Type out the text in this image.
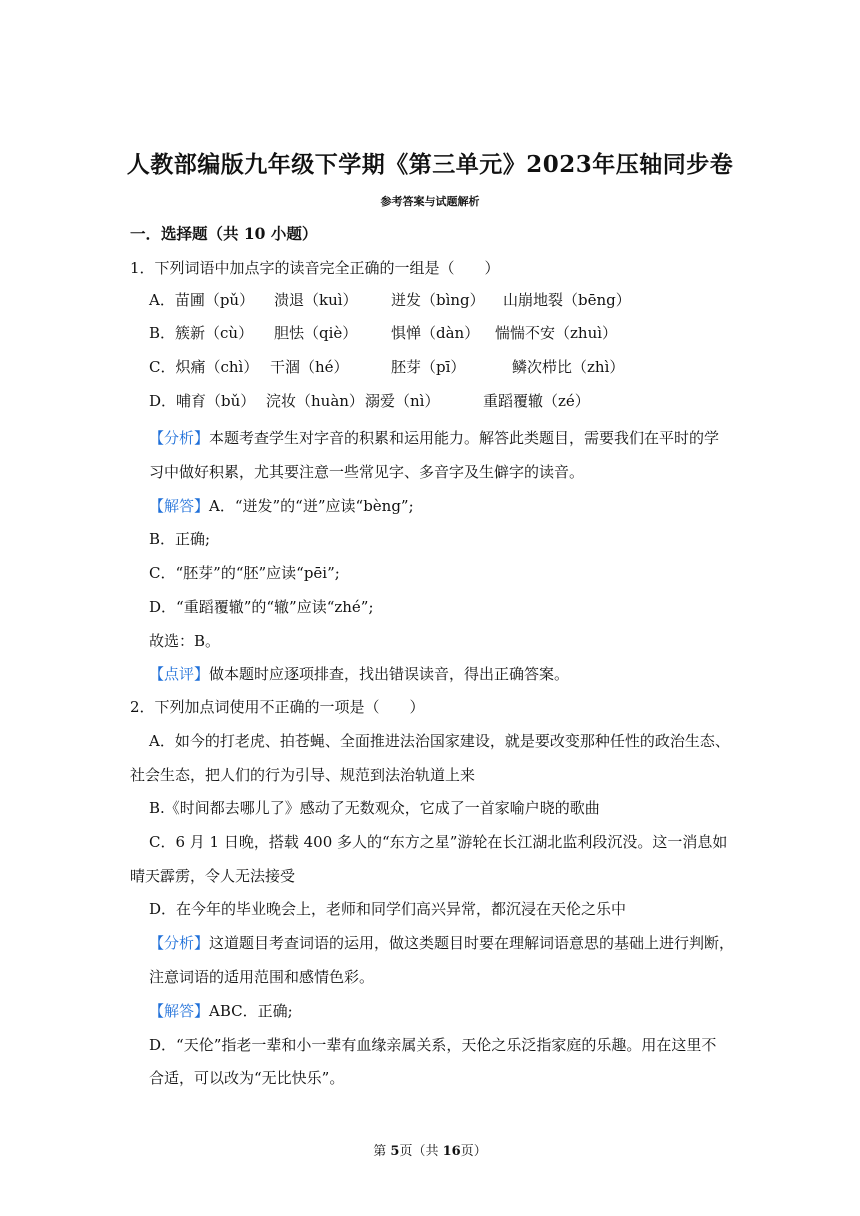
人教部编版九年级下学期《第三单元》2023年压轴同步卷
参考答案与试题解析
一．选择题（共 10 小题）
1．下列词语中加点字的读音完全正确的一组是（　　）
A．苗圃（pǔ） 溃退（kuì） 迸发（bìng） 山崩地裂（bēng）
B．簇新（cù） 胆怯（qiè） 惧惮（dàn） 惴惴不安（zhuì）
C．炽痛（chì） 干涸（hé）	胚芽（pī）	鳞次栉比（zhì）
D．哺育（bǔ） 浣妆（huàn） 溺爱（nì）	重蹈覆辙（zé）
【分析】本题考查学生对字音的积累和运用能力。解答此类题目，需要我们在平时的学
习中做好积累，尤其要注意一些常见字、多音字及生僻字的读音。
【解答】A．“迸发”的“迸”应读“bèng”;
B．正确;
C．“胚芽”的“胚”应读“pēi”;
D．“重蹈覆辙”的“辙”应读“zhé”;
故选：B。
【点评】做本题时应逐项排查，找出错误读音，得出正确答案。
2．下列加点词使用不正确的一项是（　　）
A．如今的打老虎、拍苍蝇、全面推进法治国家建设，就是要改变那种任性的政治生态、
社会生态，把人们的行为引导、规范到法治轨道上来
B.《时间都去哪儿了》感动了无数观众，它成了一首家喻户晓的歌曲
C．6 月 1 日晚，搭载 400 多人的“东方之星”游轮在长江湖北监利段沉没。这一消息如
晴天霹雳，令人无法接受
D．在今年的毕业晚会上，老师和同学们高兴异常，都沉浸在天伦之乐中
【分析】这道题目考查词语的运用，做这类题目时要在理解词语意思的基础上进行判断，
注意词语的适用范围和感情色彩。
【解答】ABC．正确;
D．“天伦”指老一辈和小一辈有血缘亲属关系，天伦之乐泛指家庭的乐趣。用在这里不
合适，可以改为“无比快乐”。
第 5页（共 16页）
